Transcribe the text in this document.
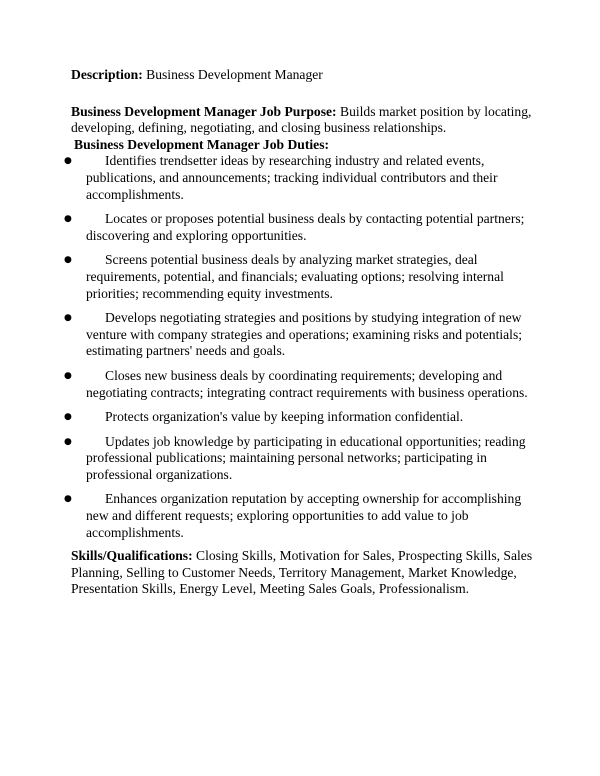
Description: Business Development Manager

Business Development Manager Job Purpose: Builds market position by locating, developing, defining, negotiating, and closing business relationships.

Business Development Manager Job Duties:

●	Identifies trendsetter ideas by researching industry and related events, publications, and announcements; tracking individual contributors and their accomplishments.
●	Locates or proposes potential business deals by contacting potential partners; discovering and exploring opportunities.
●	Screens potential business deals by analyzing market strategies, deal requirements, potential, and financials; evaluating options; resolving internal priorities; recommending equity investments.
●	Develops negotiating strategies and positions by studying integration of new venture with company strategies and operations; examining risks and potentials; estimating partners' needs and goals.
●	Closes new business deals by coordinating requirements; developing and negotiating contracts; integrating contract requirements with business operations.
●	Protects organization's value by keeping information confidential.
●	Updates job knowledge by participating in educational opportunities; reading professional publications; maintaining personal networks; participating in professional organizations.
●	Enhances organization reputation by accepting ownership for accomplishing new and different requests; exploring opportunities to add value to job accomplishments.

Skills/Qualifications: Closing Skills, Motivation for Sales, Prospecting Skills, Sales Planning, Selling to Customer Needs, Territory Management, Market Knowledge, Presentation Skills, Energy Level, Meeting Sales Goals, Professionalism.
